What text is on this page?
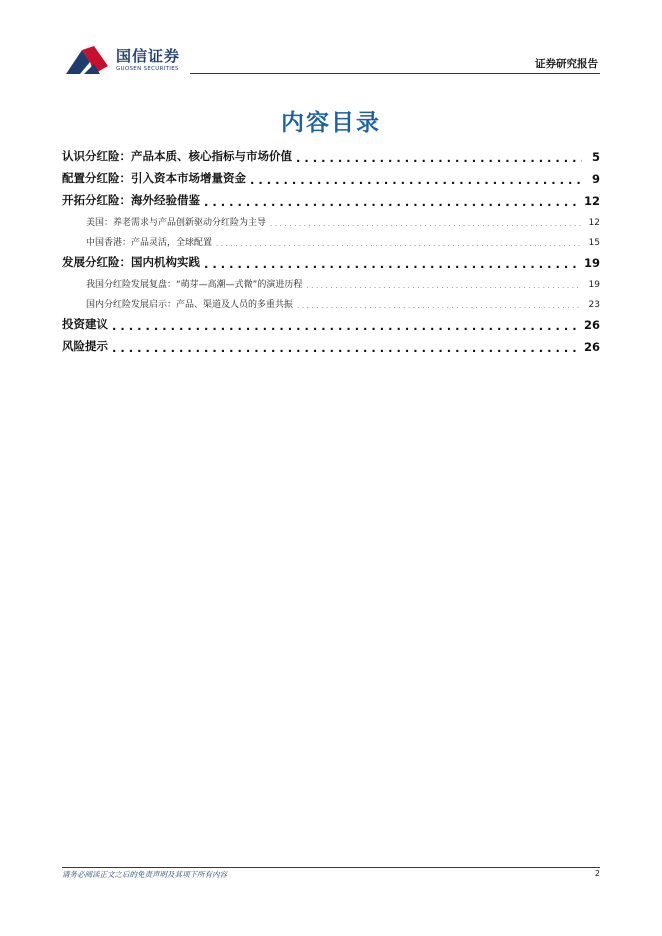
国信证券
GUOSEN SECURITIES	证券研究报告
内容目录
认识分红险：产品本质、核心指标与市场价值 .....	5
配置分红险：引入资本市场增量资金 .....	9
开拓分红险：海外经验借鉴 .....	12
美国：养老需求与产品创新驱动分红险为主导 .....	12
中国香港：产品灵活，全球配置 .....	15
发展分红险：国内机构实践 .....	19
我国分红险发展复盘：“萌芽—高潮—式微”的演进历程 .....	19
国内分红险发展启示：产品、渠道及人员的多重共振 .....	23
投资建议 .....	26
风险提示 .....	26
请务必阅读正文之后的免责声明及其项下所有内容	2
